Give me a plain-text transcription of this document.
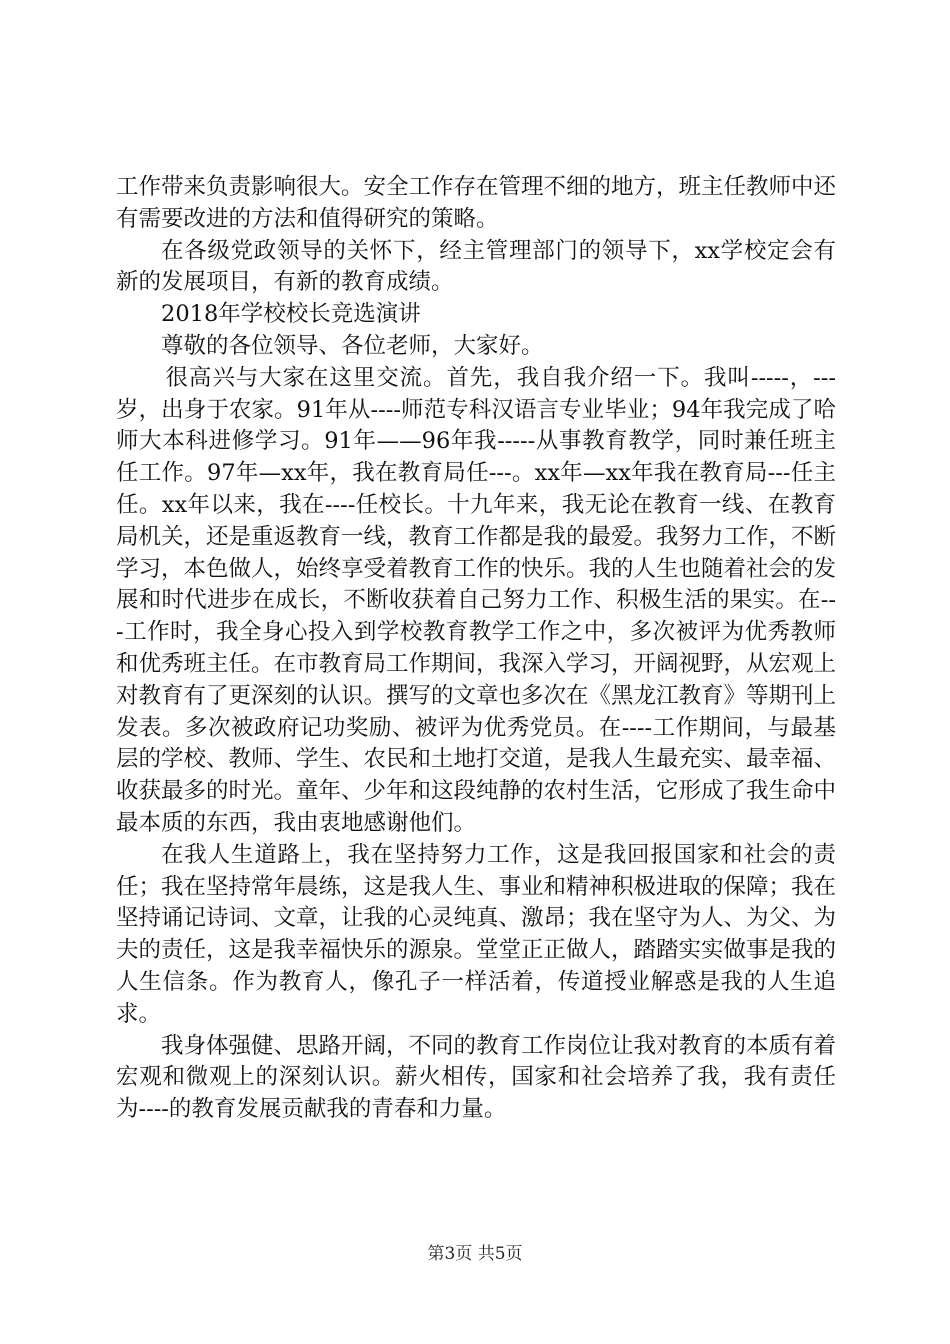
工作带来负责影响很大。安全工作存在管理不细的地方，班主任教师中还有需要改进的方法和值得研究的策略。

在各级党政领导的关怀下，经主管理部门的领导下，xx学校定会有新的发展项目，有新的教育成绩。

2018年学校校长竞选演讲

尊敬的各位领导、各位老师，大家好。

很高兴与大家在这里交流。首先，我自我介绍一下。我叫-----，---岁，出身于农家。91年从----师范专科汉语言专业毕业；94年我完成了哈师大本科进修学习。91年——96年我-----从事教育教学，同时兼任班主任工作。97年—xx年，我在教育局任---。xx年—xx年我在教育局---任主任。xx年以来，我在----任校长。十九年来，我无论在教育一线、在教育局机关，还是重返教育一线，教育工作都是我的最爱。我努力工作，不断学习，本色做人，始终享受着教育工作的快乐。我的人生也随着社会的发展和时代进步在成长，不断收获着自己努力工作、积极生活的果实。在---工作时，我全身心投入到学校教育教学工作之中，多次被评为优秀教师和优秀班主任。在市教育局工作期间，我深入学习，开阔视野，从宏观上对教育有了更深刻的认识。撰写的文章也多次在《黑龙江教育》等期刊上发表。多次被政府记功奖励、被评为优秀党员。在----工作期间，与最基层的学校、教师、学生、农民和土地打交道，是我人生最充实、最幸福、收获最多的时光。童年、少年和这段纯静的农村生活，它形成了我生命中最本质的东西，我由衷地感谢他们。

在我人生道路上，我在坚持努力工作，这是我回报国家和社会的责任；我在坚持常年晨练，这是我人生、事业和精神积极进取的保障；我在坚持诵记诗词、文章，让我的心灵纯真、激昂；我在坚守为人、为父、为夫的责任，这是我幸福快乐的源泉。堂堂正正做人，踏踏实实做事是我的人生信条。作为教育人，像孔子一样活着，传道授业解惑是我的人生追求。

我身体强健、思路开阔，不同的教育工作岗位让我对教育的本质有着宏观和微观上的深刻认识。薪火相传，国家和社会培养了我，我有责任为----的教育发展贡献我的青春和力量。

第3页 共5页
